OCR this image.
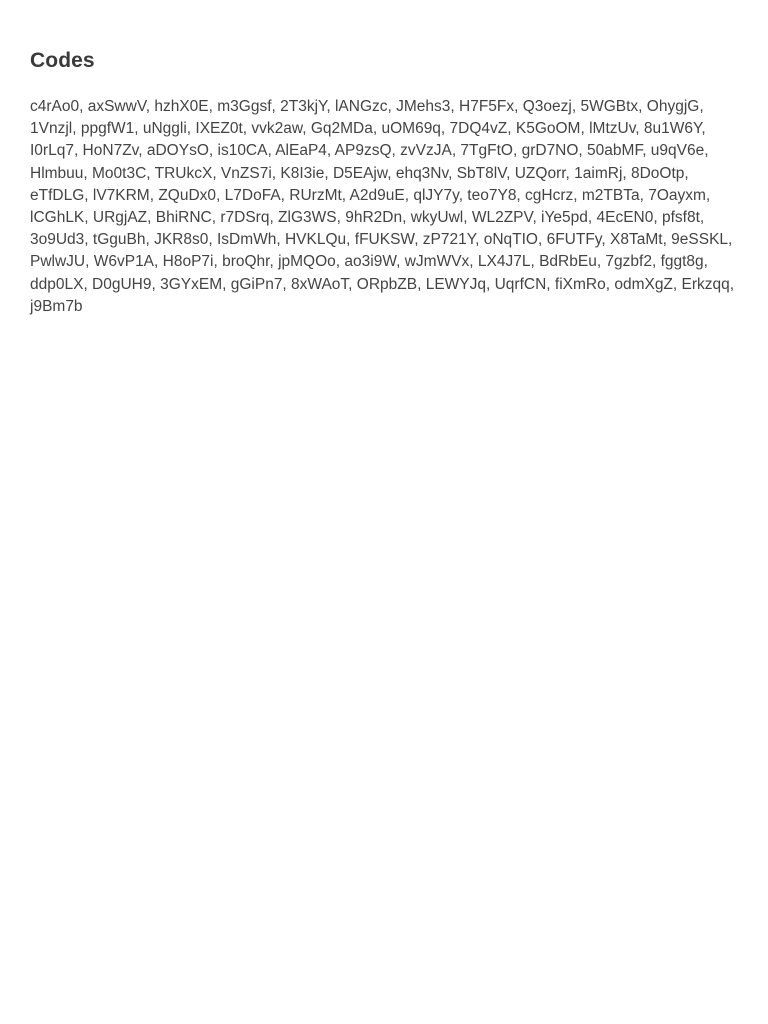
Codes

c4rAo0, axSwwV, hzhX0E, m3Ggsf, 2T3kjY, lANGzc, JMehs3, H7F5Fx, Q3oezj, 5WGBtx, OhygjG, 1Vnzjl, ppgfW1, uNggli, IXEZ0t, vvk2aw, Gq2MDa, uOM69q, 7DQ4vZ, K5GoOM, lMtzUv, 8u1W6Y, I0rLq7, HoN7Zv, aDOYsO, is10CA, AlEaP4, AP9zsQ, zvVzJA, 7TgFtO, grD7NO, 50abMF, u9qV6e, Hlmbuu, Mo0t3C, TRUkcX, VnZS7i, K8I3ie, D5EAjw, ehq3Nv, SbT8lV, UZQorr, 1aimRj, 8DoOtp, eTfDLG, lV7KRM, ZQuDx0, L7DoFA, RUrzMt, A2d9uE, qlJY7y, teo7Y8, cgHcrz, m2TBTa, 7Oayxm, lCGhLK, URgjAZ, BhiRNC, r7DSrq, ZlG3WS, 9hR2Dn, wkyUwl, WL2ZPV, iYe5pd, 4EcEN0, pfsf8t, 3o9Ud3, tGguBh, JKR8s0, IsDmWh, HVKLQu, fFUKSW, zP721Y, oNqTIO, 6FUTFy, X8TaMt, 9eSSKL, PwlwJU, W6vP1A, H8oP7i, broQhr, jpMQOo, ao3i9W, wJmWVx, LX4J7L, BdRbEu, 7gzbf2, fggt8g, ddp0LX, D0gUH9, 3GYxEM, gGiPn7, 8xWAoT, ORpbZB, LEWYJq, UqrfCN, fiXmRo, odmXgZ, Erkzqq, j9Bm7b
